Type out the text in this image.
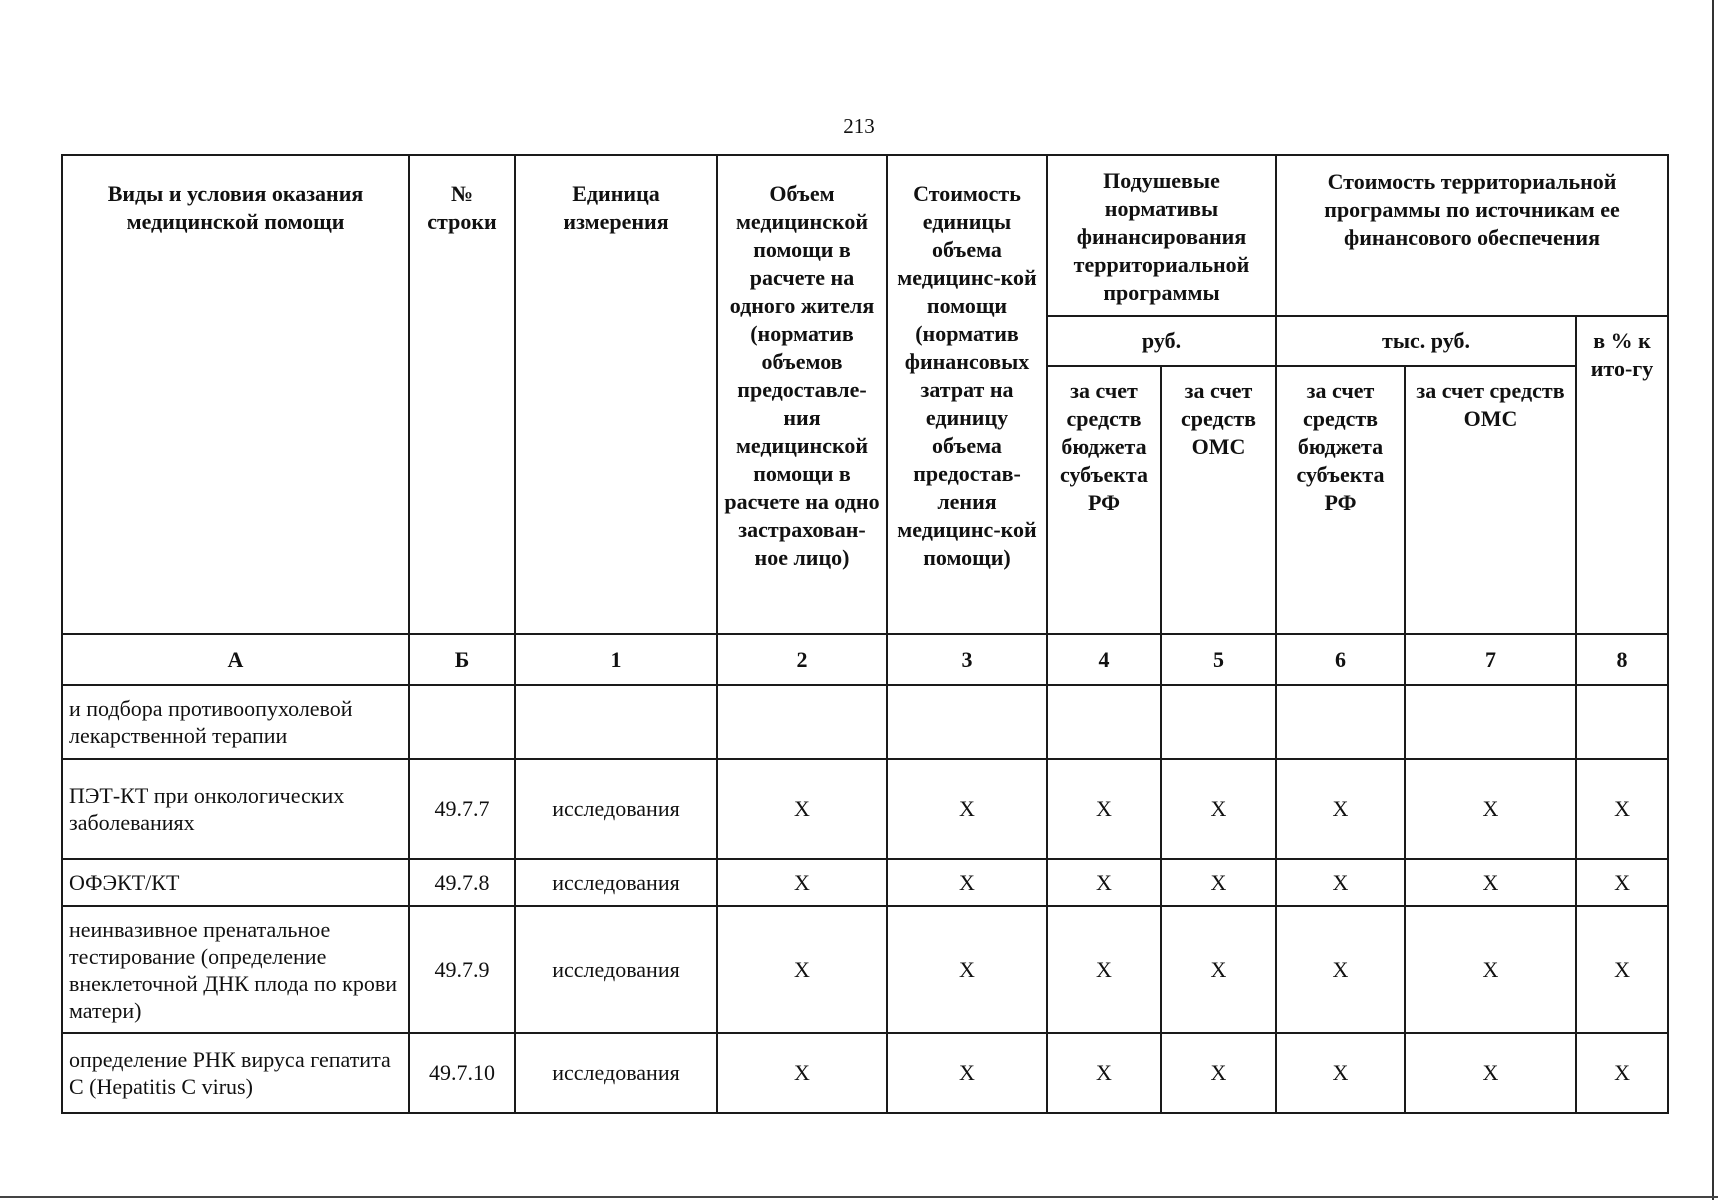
213
Виды и условия оказания медицинской помощи	№ строки	Единица измерения	Объем медицинской помощи в расчете на одного жителя (норматив объемов предоставле-ния медицинской помощи в расчете на одно застрахован-ное лицо)	Стоимость единицы объема медицинс-кой помощи (норматив финансовых затрат на единицу объема предостав-ления медицинс-кой помощи)	Подушевые нормативы финансирования территориальной программы		Стоимость территориальной программы по источникам ее финансового обеспечения		
					руб.		тыс. руб.		в % к ито-гу
					за счет средств бюджета субъекта РФ	за счет средств ОМС	за счет средств бюджета субъекта РФ	за счет средств ОМС	
А	Б	1	2	3	4	5	6	7	8
и подбора противоопухолевой лекарственной терапии									
ПЭТ-КТ при онкологических заболеваниях	49.7.7	исследования	X	X	X	X	X	X	X
ОФЭКТ/КТ	49.7.8	исследования	X	X	X	X	X	X	X
неинвазивное пренатальное тестирование (определение внеклеточной ДНК плода по крови матери)	49.7.9	исследования	X	X	X	X	X	X	X
определение РНК вируса гепатита C (Hepatitis C virus)	49.7.10	исследования	X	X	X	X	X	X	X
